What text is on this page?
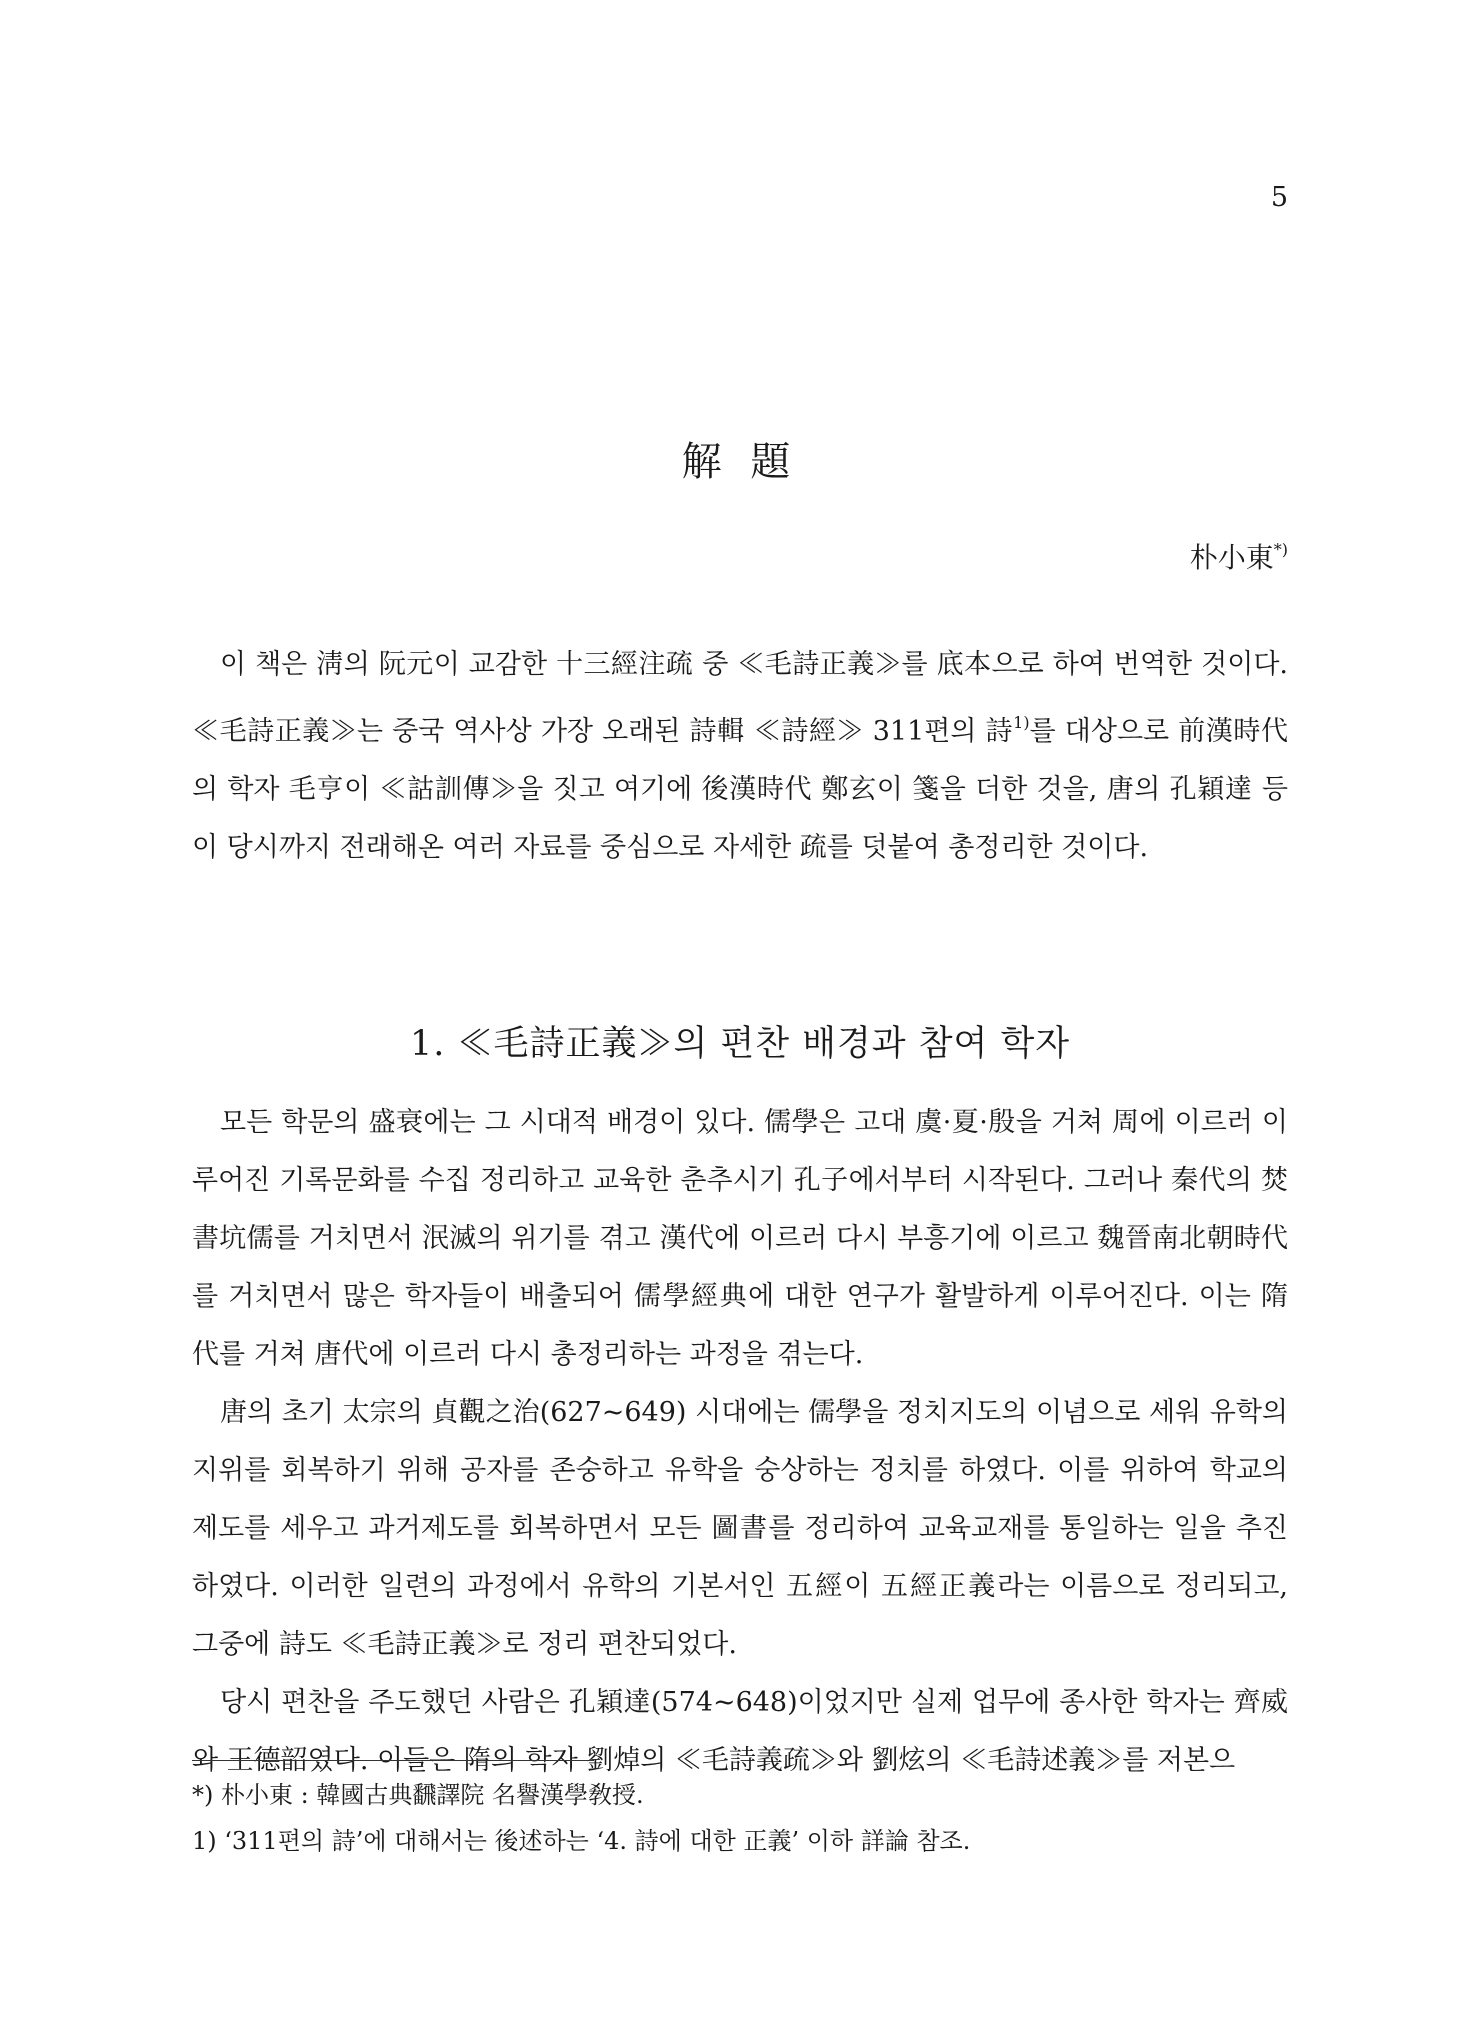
5
解 題
朴小東*)

이 책은 淸의 阮元이 교감한 十三經注疏 중 ≪毛詩正義≫를 底本으로 하여 번역한 것이다. ≪毛詩正義≫는 중국 역사상 가장 오래된 詩輯 ≪詩經≫ 311편의 詩$^{1)}$를 대상으로 前漢時代의 학자 毛亨이 ≪詁訓傳≫을 짓고 여기에 後漢時代 鄭玄이 箋을 더한 것을, 唐의 孔穎達 등이 당시까지 전래해온 여러 자료를 중심으로 자세한 疏를 덧붙여 총정리한 것이다.

1. ≪毛詩正義≫의 편찬 배경과 참여 학자

모든 학문의 盛衰에는 그 시대적 배경이 있다. 儒學은 고대 虞·夏·殷을 거쳐 周에 이르러 이루어진 기록문화를 수집 정리하고 교육한 춘추시기 孔子에서부터 시작된다. 그러나 秦代의 焚書坑儒를 거치면서 泯滅의 위기를 겪고 漢代에 이르러 다시 부흥기에 이르고 魏晉南北朝時代를 거치면서 많은 학자들이 배출되어 儒學經典에 대한 연구가 활발하게 이루어진다. 이는 隋代를 거쳐 唐代에 이르러 다시 총정리하는 과정을 겪는다.

唐의 초기 太宗의 貞觀之治(627~649) 시대에는 儒學을 정치지도의 이념으로 세워 유학의 지위를 회복하기 위해 공자를 존숭하고 유학을 숭상하는 정치를 하였다. 이를 위하여 학교의 제도를 세우고 과거제도를 회복하면서 모든 圖書를 정리하여 교육교재를 통일하는 일을 추진하였다. 이러한 일련의 과정에서 유학의 기본서인 五經이 五經正義라는 이름으로 정리되고, 그중에 詩도 ≪毛詩正義≫로 정리 편찬되었다.

당시 편찬을 주도했던 사람은 孔穎達(574~648)이었지만 실제 업무에 종사한 학자는 齊威와 王德韶였다. 이들은 隋의 학자 劉焯의 ≪毛詩義疏≫와 劉炫의 ≪毛詩述義≫를 저본으

*) 朴小東 : 韓國古典飜譯院 名譽漢學敎授.
1) ‘311편의 詩’에 대해서는 後述하는 ‘4. 詩에 대한 正義’ 이하 詳論 참조.
